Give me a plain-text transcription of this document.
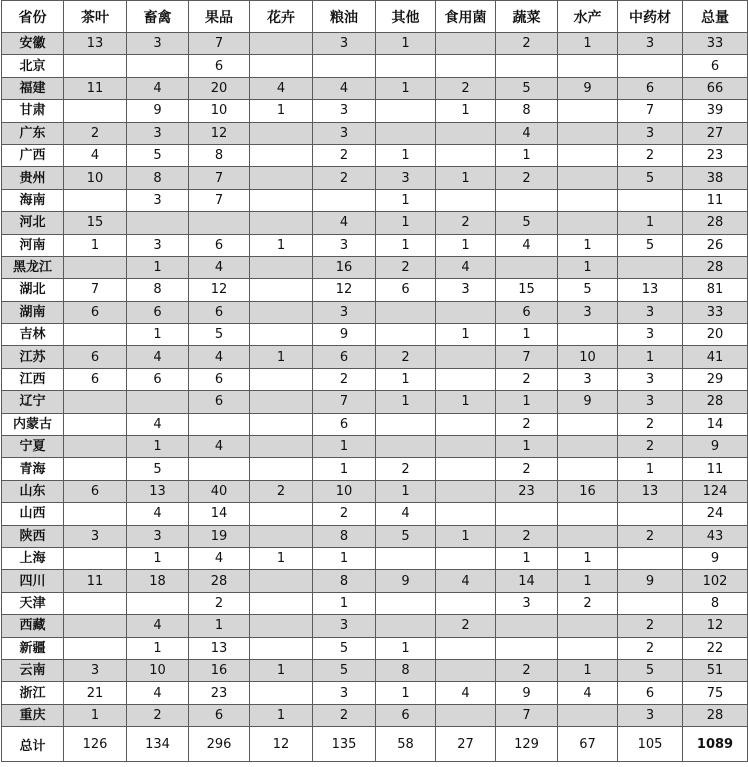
省份	茶叶	畜禽	果品	花卉	粮油	其他	食用菌	蔬菜	水产	中药材	总量
安徽	13	3	7		3	1		2	1	3	33
北京			6								6
福建	11	4	20	4	4	1	2	5	9	6	66
甘肃		9	10	1	3		1	8		7	39
广东	2	3	12		3			4		3	27
广西	4	5	8		2	1		1		2	23
贵州	10	8	7		2	3	1	2		5	38
海南		3	7			1					11
河北	15				4	1	2	5		1	28
河南	1	3	6	1	3	1	1	4	1	5	26
黑龙江		1	4		16	2	4		1		28
湖北	7	8	12		12	6	3	15	5	13	81
湖南	6	6	6		3			6	3	3	33
吉林		1	5		9		1	1		3	20
江苏	6	4	4	1	6	2		7	10	1	41
江西	6	6	6		2	1		2	3	3	29
辽宁			6		7	1	1	1	9	3	28
内蒙古		4			6			2		2	14
宁夏		1	4		1			1		2	9
青海		5			1	2		2		1	11
山东	6	13	40	2	10	1		23	16	13	124
山西		4	14		2	4					24
陕西	3	3	19		8	5	1	2		2	43
上海		1	4	1	1			1	1		9
四川	11	18	28		8	9	4	14	1	9	102
天津			2		1			3	2		8
西藏		4	1		3		2			2	12
新疆		1	13		5	1				2	22
云南	3	10	16	1	5	8		2	1	5	51
浙江	21	4	23		3	1	4	9	4	6	75
重庆	1	2	6	1	2	6		7		3	28
总计	126	134	296	12	135	58	27	129	67	105	1089
